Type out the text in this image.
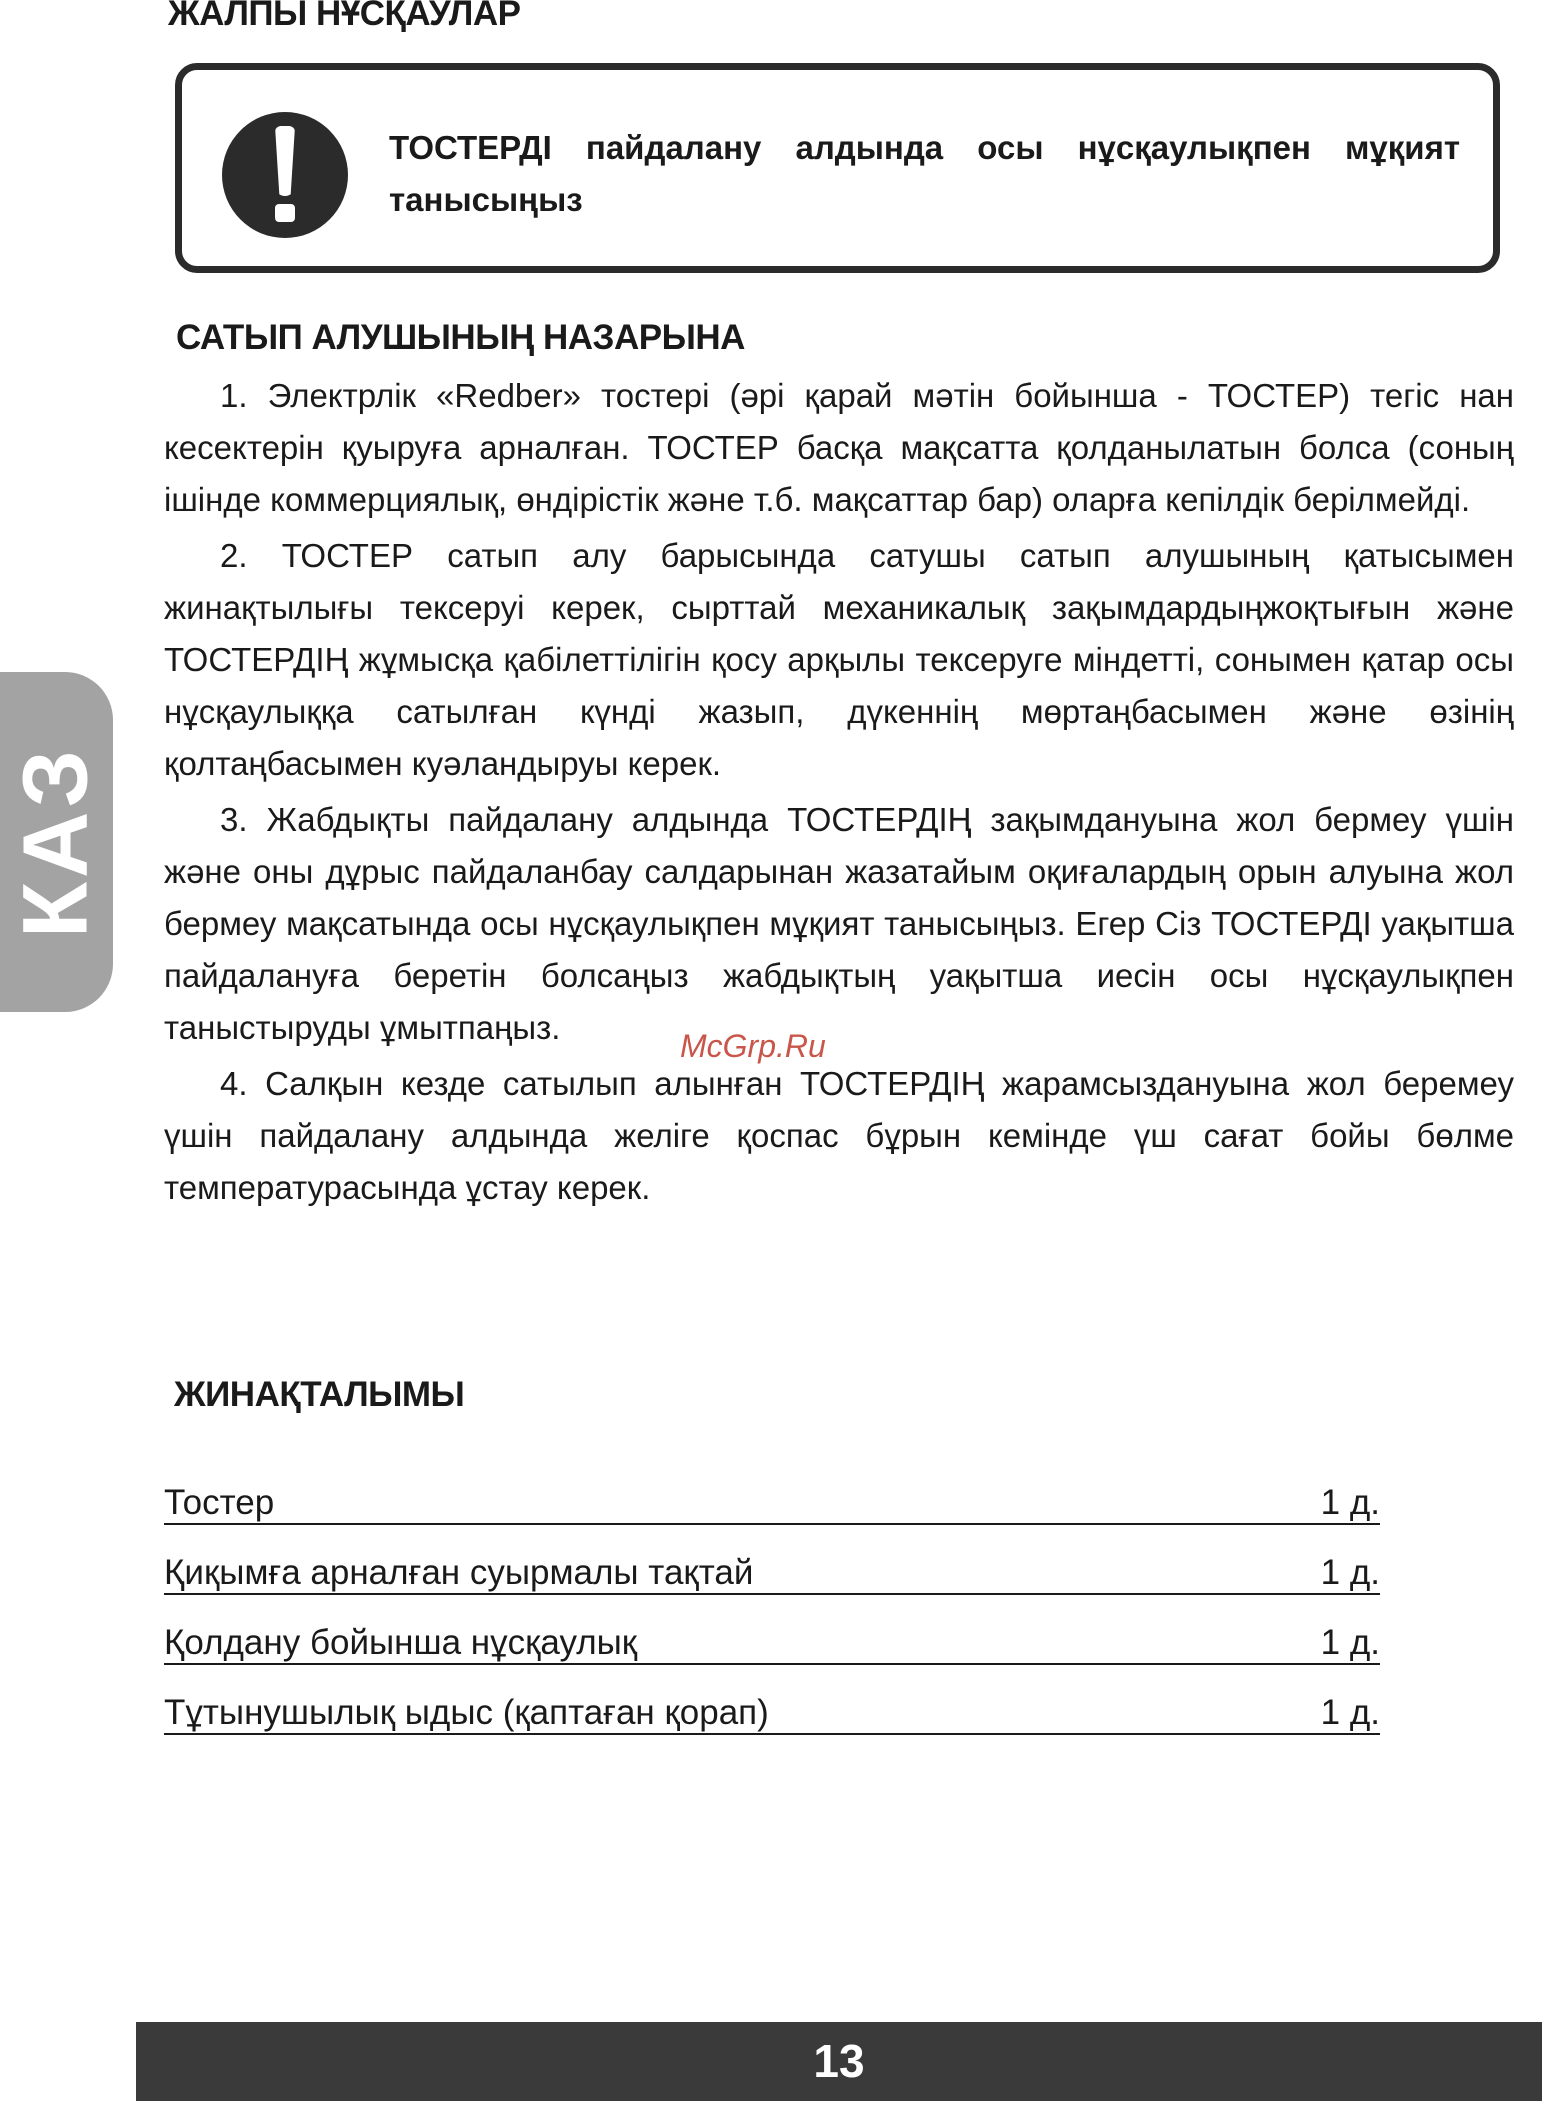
ЖАЛПЫ НҰСҚАУЛАР
ТОСТЕРДІ пайдалану алдында осы нұсқаулықпен мұқият танысыңыз
САТЫП АЛУШЫНЫҢ НАЗАРЫНА

1. Электрлік «Redber» тостері (әрі қарай мәтін бойынша - ТОСТЕР) тегіс нан кесектерін қуыруға арналған. ТОСТЕР басқа мақсатта қолданылатын болса (соның ішінде коммерциялық, өндірістік және т.б. мақсаттар бар) оларға кепілдік берілмейді.

2. ТОСТЕР сатып алу барысында сатушы сатып алушының қатысымен жинақтылығы тексеруі керек, сырттай механикалық зақымдардыңжоқтығын және ТОСТЕРДІҢ жұмысқа қабілеттілігін қосу арқылы тексеруге міндетті, сонымен қатар осы нұсқаулыққа сатылған күнді жазып, дүкеннің мөртаңбасымен және өзінің қолтаңбасымен куәландыруы керек.

3. Жабдықты пайдалану алдында ТОСТЕРДІҢ зақымдануына жол бермеу үшін және оны дұрыс пайдаланбау салдарынан жазатайым оқиғалардың орын алуына жол бермеу мақсатында осы нұсқаулықпен мұқият танысыңыз. Егер Сіз ТОСТЕРДІ уақытша пайдалануға беретін болсаңыз жабдықтың уақытша иесін осы нұсқаулықпен таныстыруды ұмытпаңыз.

4. Салқын кезде сатылып алынған ТОСТЕРДІҢ жарамсыздануына жол беремеу үшін пайдалану алдында желіге қоспас бұрын кемінде үш сағат бойы бөлме температурасында ұстау керек.

McGrp.Ru
КАЗ
ЖИНАҚТАЛЫМЫ
Тостер	1 д.
Қиқымға арналған суырмалы тақтай	1 д.
Қолдану бойынша нұсқаулық	1 д.
Тұтынушылық ыдыс (қаптаған қорап)	1 д.
13
